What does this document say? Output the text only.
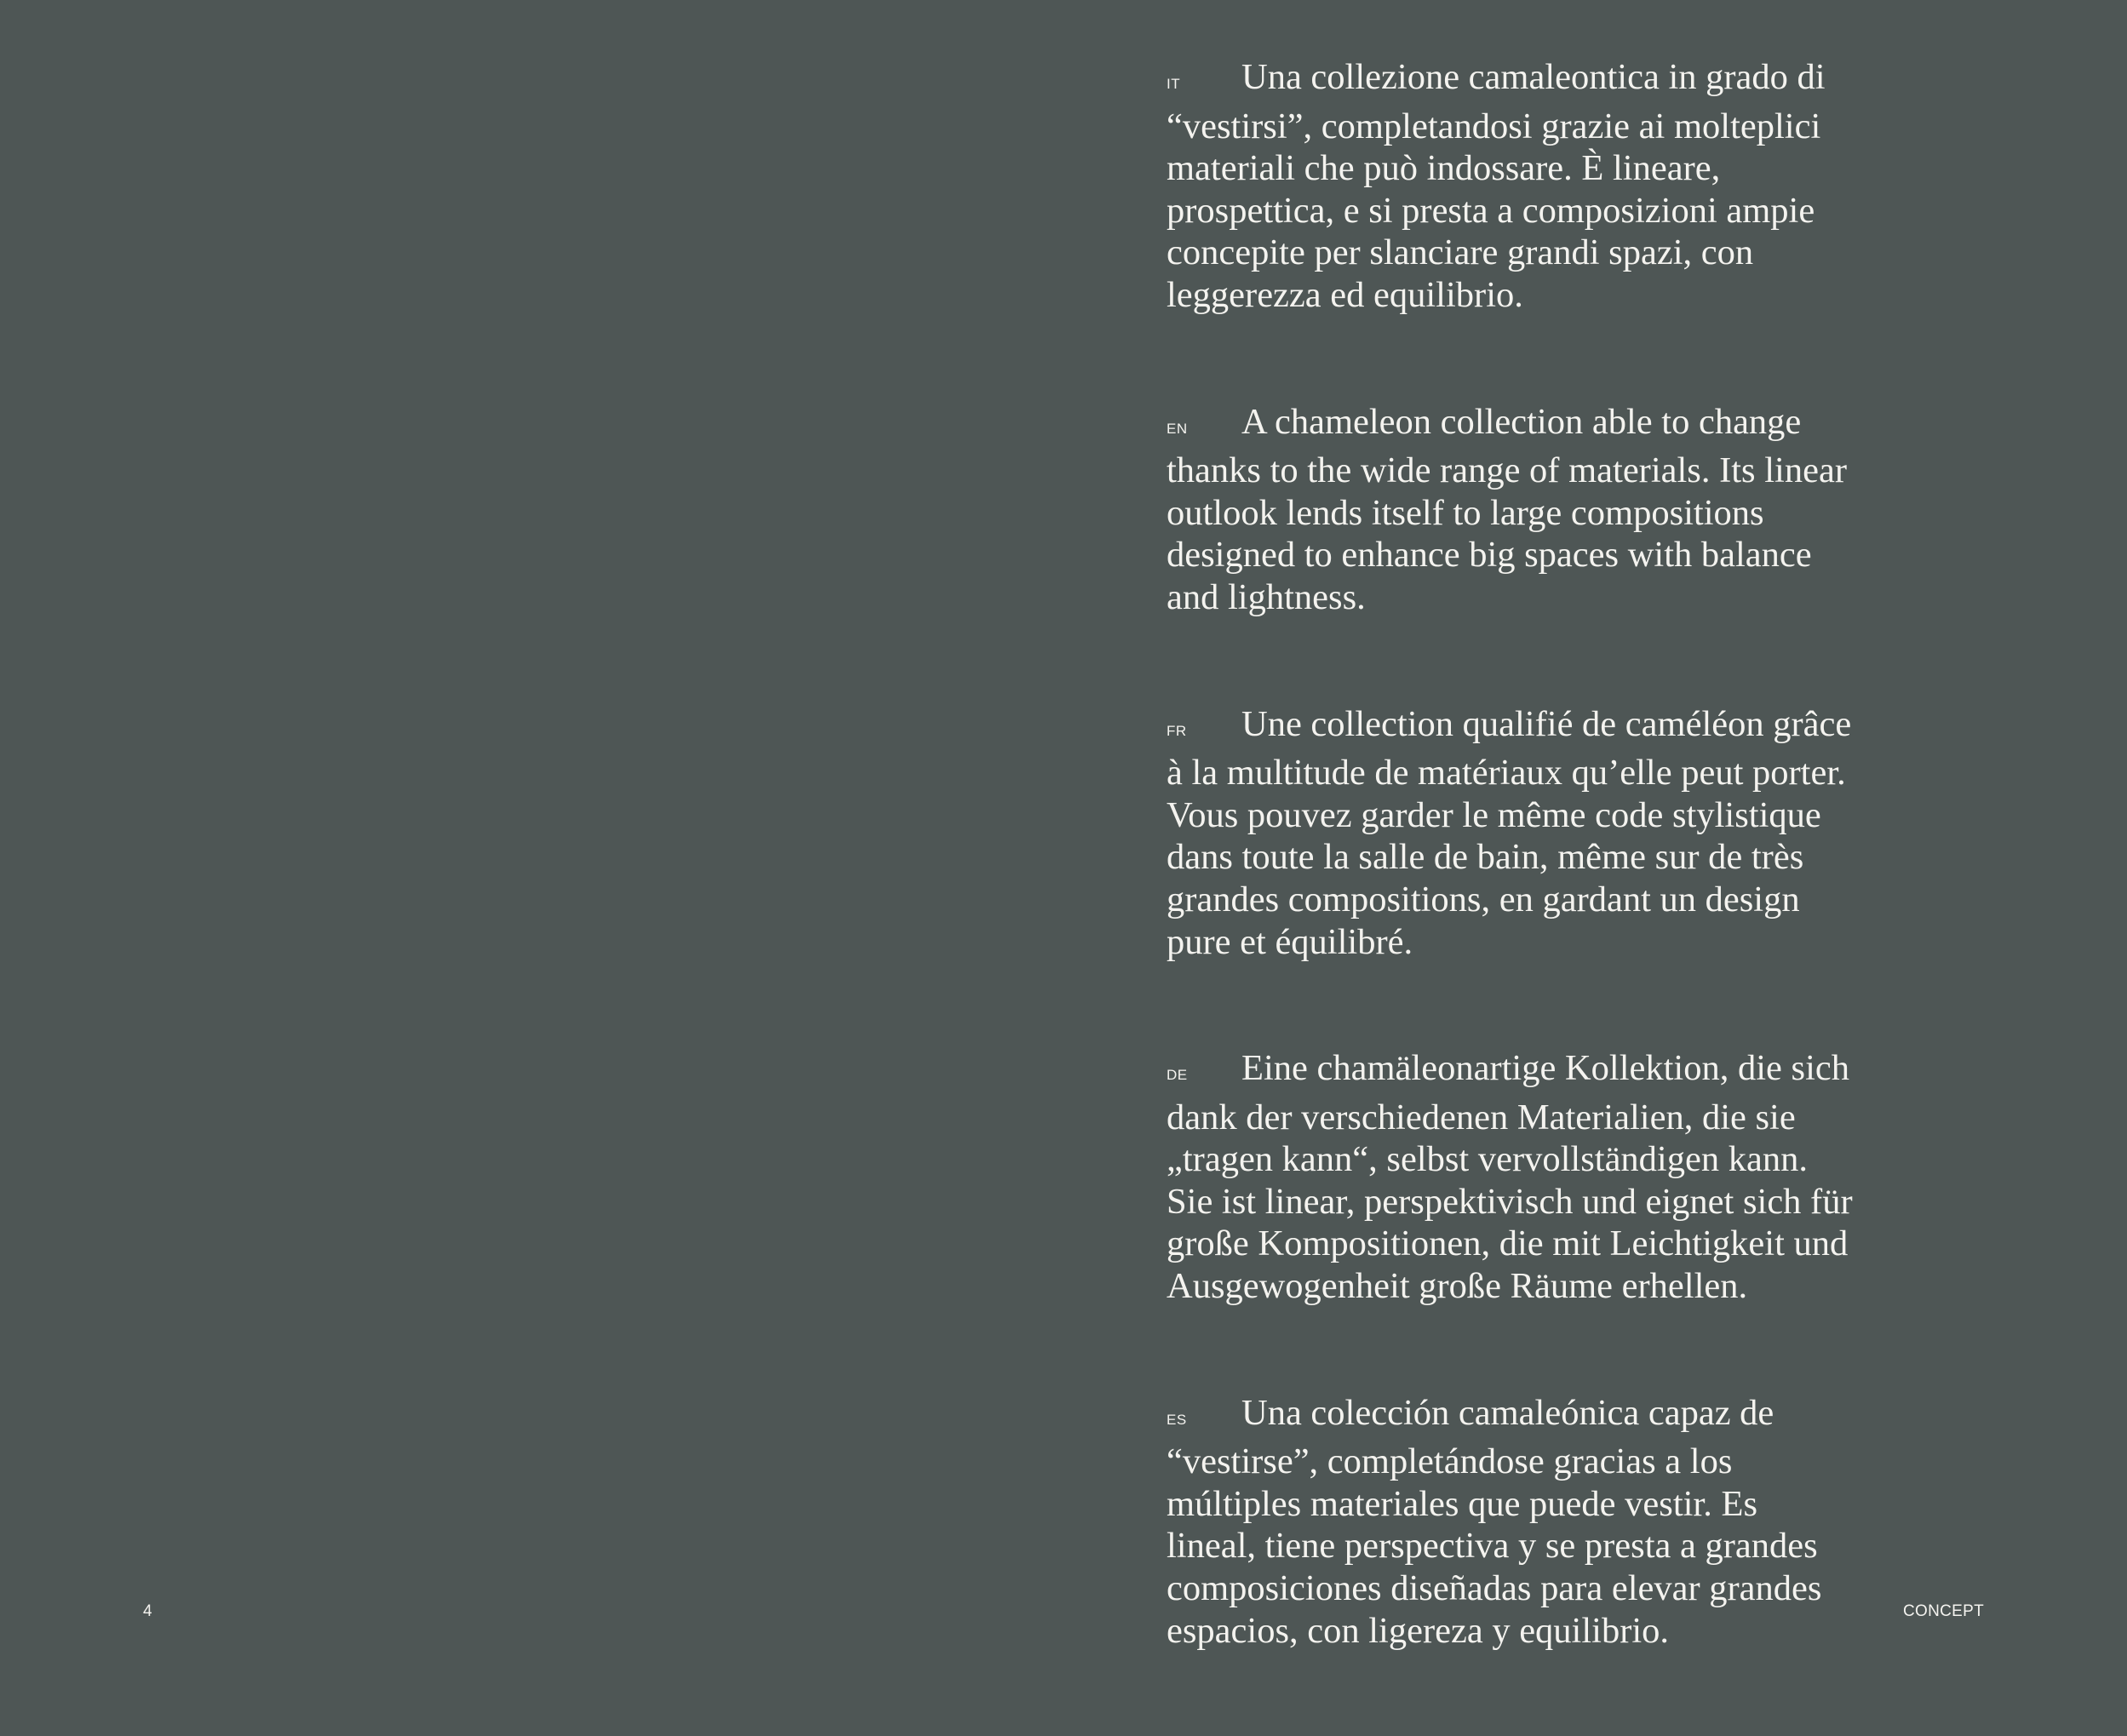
IT Una collezione camaleontica in grado di
“vestirsi”, completandosi grazie ai molteplici
materiali che può indossare. È lineare,
prospettica, e si presta a composizioni ampie
concepite per slanciare grandi spazi, con
leggerezza ed equilibrio.
EN A chameleon collection able to change
thanks to the wide range of materials. Its linear
outlook lends itself to large compositions
designed to enhance big spaces with balance
and lightness.
FR Une collection qualifié de caméléon grâce
à la multitude de matériaux qu’elle peut porter.
Vous pouvez garder le même code stylistique
dans toute la salle de bain, même sur de très
grandes compositions, en gardant un design
pure et équilibré.
DE Eine chamäleonartige Kollektion, die sich
dank der verschiedenen Materialien, die sie
„tragen kann“, selbst vervollständigen kann.
Sie ist linear, perspektivisch und eignet sich für
große Kompositionen, die mit Leichtigkeit und
Ausgewogenheit große Räume erhellen.
ES Una colección camaleónica capaz de
“vestirse”, completándose gracias a los
múltiples materiales que puede vestir. Es
lineal, tiene perspectiva y se presta a grandes
composiciones diseñadas para elevar grandes
espacios, con ligereza y equilibrio.
4	CONCEPT
